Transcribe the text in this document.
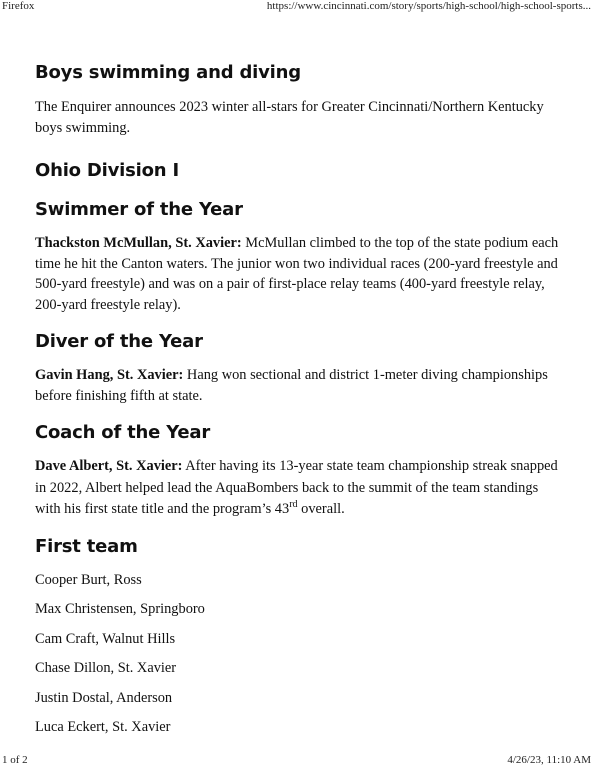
Firefox	https://www.cincinnati.com/story/sports/high-school/high-school-sports...
Boys swimming and diving

The Enquirer announces 2023 winter all-stars for Greater Cincinnati/Northern Kentucky boys swimming.

Ohio Division I
Swimmer of the Year

Thackston McMullan, St. Xavier: McMullan climbed to the top of the state podium each time he hit the Canton waters. The junior won two individual races (200-yard freestyle and 500-yard freestyle) and was on a pair of first-place relay teams (400-yard freestyle relay, 200-yard freestyle relay).

Diver of the Year

Gavin Hang, St. Xavier: Hang won sectional and district 1-meter diving championships before finishing fifth at state.

Coach of the Year

Dave Albert, St. Xavier: After having its 13-year state team championship streak snapped in 2022, Albert helped lead the AquaBombers back to the summit of the team standings with his first state title and the program’s 43rd overall.

First team
Cooper Burt, Ross
Max Christensen, Springboro
Cam Craft, Walnut Hills
Chase Dillon, St. Xavier
Justin Dostal, Anderson
Luca Eckert, St. Xavier
1 of 2	4/26/23, 11:10 AM
